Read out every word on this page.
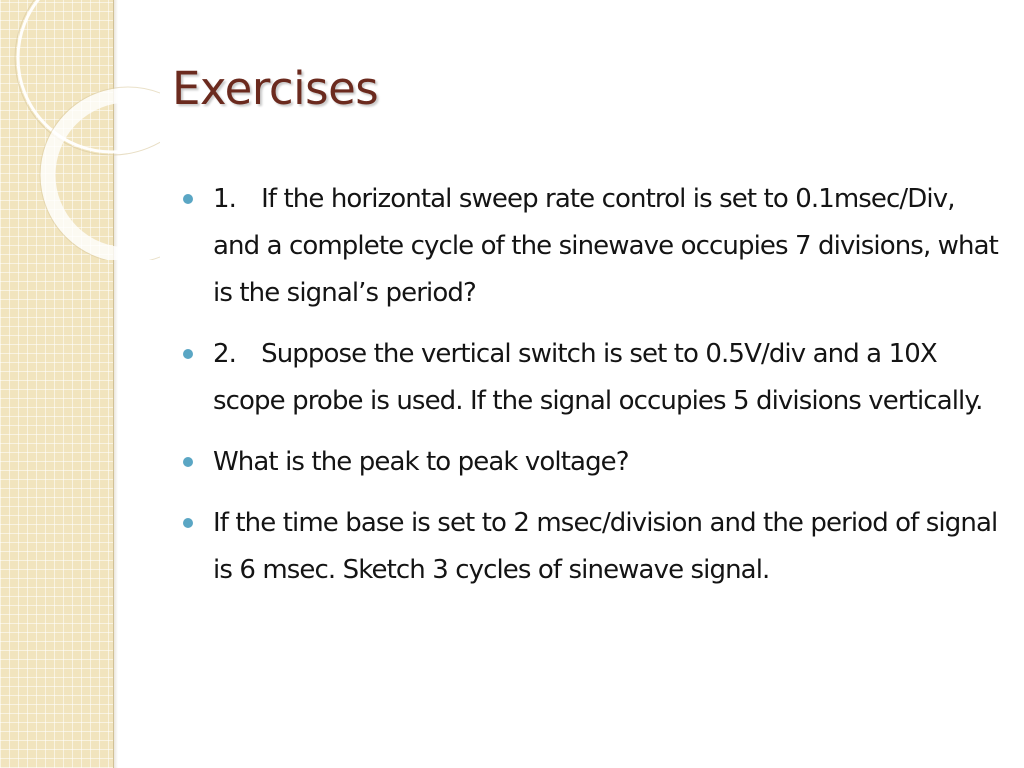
Exercises
1. If the horizontal sweep rate control is set to 0.1msec/Div, and a complete cycle of the sinewave occupies 7 divisions, what is the signal’s period?
2. Suppose the vertical switch is set to 0.5V/div and a 10X scope probe is used. If the signal occupies 5 divisions vertically.
What is the peak to peak voltage?
If the time base is set to 2 msec/division and the period of signal is 6 msec. Sketch 3 cycles of sinewave signal.
